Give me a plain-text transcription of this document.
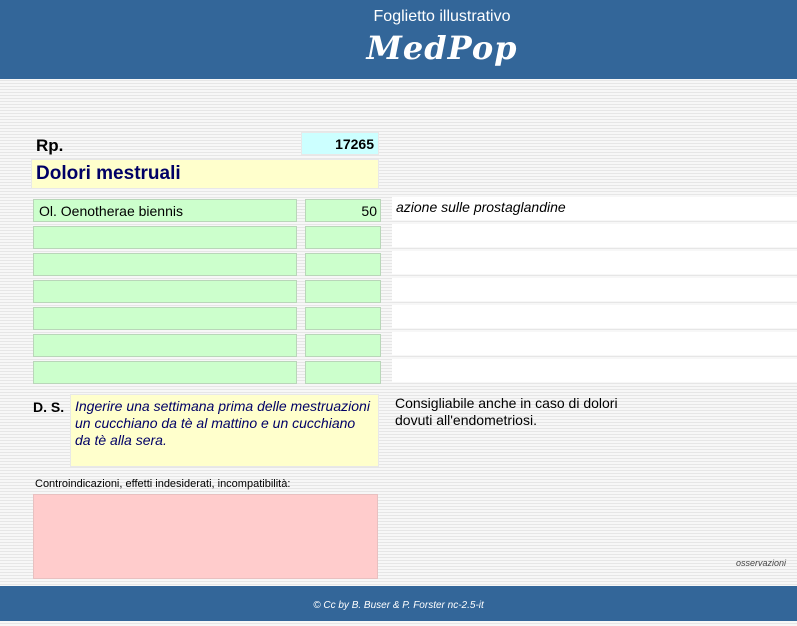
Foglietto illustrativo
MedPop
Rp.	17265
Dolori mestruali
Ol. Oenotherae biennis	50 azione sulle prostaglandine
D. S. Ingerire una settimana prima delle mestruazioni un cucchiano da tè al mattino e un cucchiano da tè alla sera.
Consigliabile anche in caso di dolori dovuti all'endometriosi.
Controindicazioni, effetti indesiderati, incompatibilità:
osservazioni
© Cc by B. Buser & P. Forster nc-2.5-it
